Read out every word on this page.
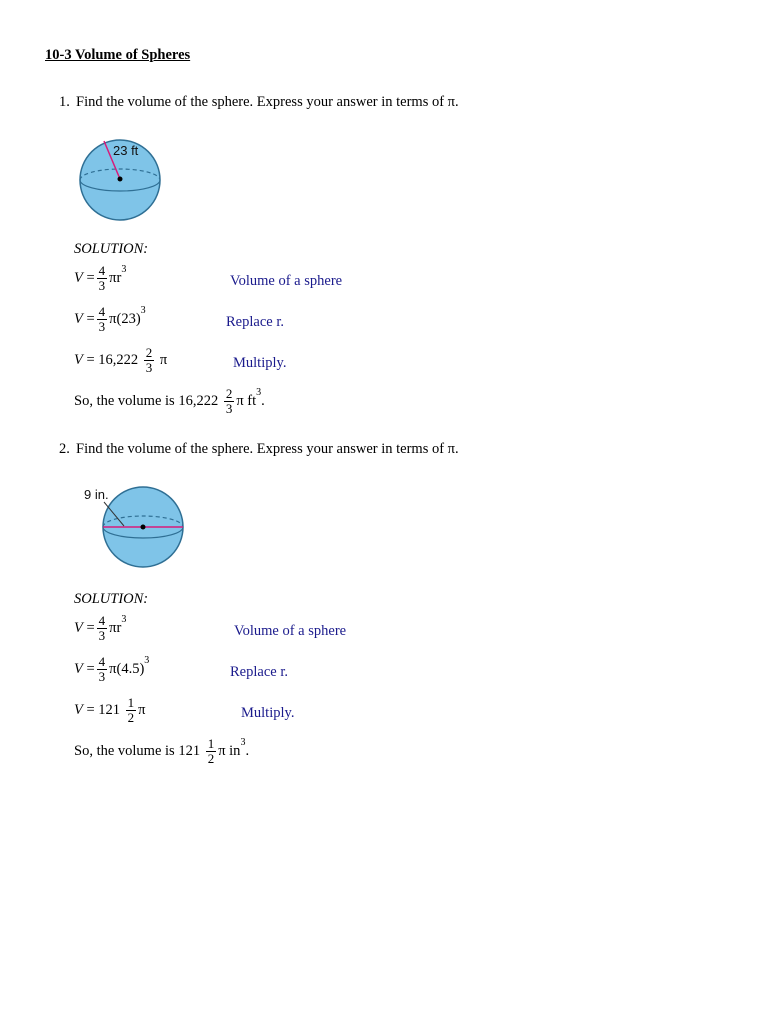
10-3 Volume of Spheres
1. Find the volume of the sphere. Express your answer in terms of π.
23 ft
SOLUTION:
V
= $\frac{4}{3}$ πr
$^3$
Volume of a sphere
V
= $\frac{4}{3} \pi(23)$
$^3$
Replace r.
V
=
16,222
$\frac{2}{3}$
π	Multiply.
So, the volume is
16,222
$\frac{2}{3}$ π ft
$^3$
.
2. Find the volume of the sphere. Express your answer in terms of π.
9 in.
SOLUTION:
V
= $\frac{4}{3}$ πr
$^3$
Volume of a sphere
V
= $\frac{4}{3} \pi(4.5)$
$^3$
Replace r.
V
=
121
$\frac{1}{2}$ π	Multiply.
So, the volume is
121
$\frac{1}{2}$ π in
$^3$
.
